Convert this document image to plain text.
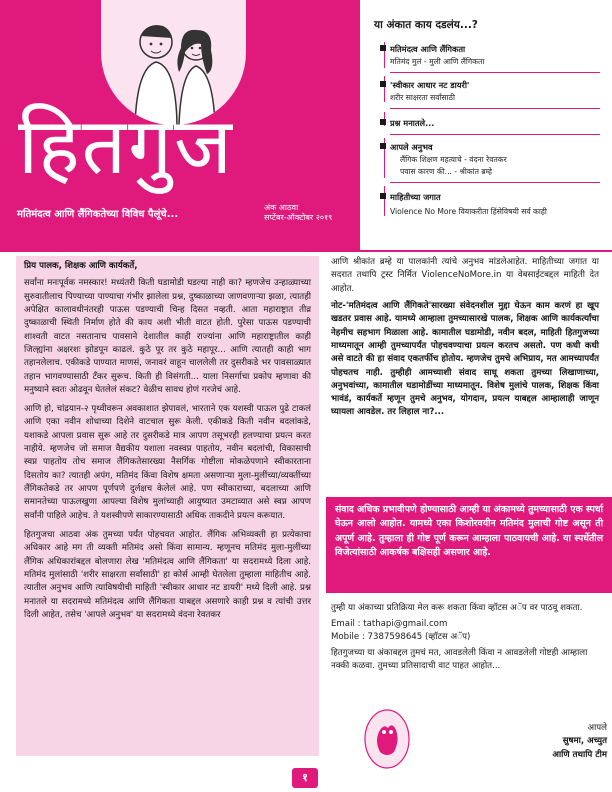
हितगुज
मतिमंदत्व आणि लैंगिकतेच्या विविध पैलूंचे...
अंक आठवा
सप्टेंबर-ऑक्टोबर २०१९
या अंकात काय दडलंय...?
मतिमंदत्व आणि लैंगिकता
मतिमंद मुलं - मुली आणि लैंगिकता
'स्वीकार आधार नट डायरी'
शरीर साक्षरता सर्वांसाठी
प्रश्न मनातले...
आपले अनुभव
लैंगिक शिक्षण महत्वाचे - वंदना रेवतकर
पवास कारण की... - श्रीकांत ब्रम्हे
माहितीच्या जगात
Violence No More वियाकरीता हिंसेविषयी सर्व काही

प्रिय पालक, शिक्षक आणि कार्यकर्ते,

सर्वांना मनःपूर्वक नमस्कार! मध्यंतरी किती घडामोडी घडल्या नाही का? म्हणजेच उन्हाळ्याच्या सुरुवातीलाच पिण्याच्या पाण्याचा गंभीर झालेला प्रश्न, दुष्काळाच्या जाणवणाऱ्या झळा, त्यातही अपेक्षित कालावधीनंतरही पाऊस पडण्याची चिन्ह दिसत नव्हती. आता महाराष्ट्रात तीव्र दुष्काळाची स्थिती निर्माण होते की काय अशी भीती वाटत होती. पुरेसा पाऊस पडण्याची शाश्वती वाटत नसतानाच पावसाने देशातील काही राज्यांना आणि महाराष्ट्रातील काही जिल्ह्यांना अक्षरशः झोडपून काढलं. कुठे पूर तर कुठे महापूर... आणि त्यातही काही भाग तहानलेलाच. एकीकडे पाण्यात माणसं, जनावरं वाहून चाललेली तर दुसरीकडे भर पावसाळ्यात तहान भागवण्यासाठी टँकर सुरूच. किती ही विसंगती... याला निसर्गाचा प्रकोप म्हणावा की मनुष्याने स्वतः ओढवून घेतलेलं संकट? वेळीच सावध होणं गरजेचं आहे.

आणि हो, चांद्रयान-२ पृथ्वीवरून अवकाशात झेपावलं, भारताने एक यशस्वी पाऊल पुढे टाकलं आणि एका नवीन शोधाच्या दिशेने वाटचाल सुरू केली. एकीकडे किती नवीन बदलांकडे, यशाकडे आपला प्रवास सुरू आहे तर दुसरीकडे मात्र आपण तसूभरही हलण्याचा प्रयत्न करत नाहीये. म्हणजेच जो समाज वैद्यकीय यशाला नवस्वप्न पाहतोय, नवीन बदलांची, विकासाची स्वप्न पाहतोय तोच समाज लैंगिकतेसारख्या नैसर्गिक गोष्टीला मोकळेपणाने स्वीकारताना दिसतोय का? त्यातही अपंग, मतिमंद किंवा विशेष क्षमता असणाऱ्या मुला-मुलींच्या/व्यक्तींच्या लैंगिकतेकडे तर आपण पूर्णपणे दुर्लक्षच केलेलं आहे. पण स्वीकाराच्या, बदलाच्या आणि समानतेच्या पाऊलखुणा आपल्या विशेष मुलांच्याही आयुष्यात उमटाव्यात असे स्वप्न आपण सर्वांनी पाहिले आहेच. ते यशस्वीपणे साकारण्यासाठी अधिक ताकदीने प्रयत्न करूयात.

हितगुजचा आठवा अंक तुमच्या पर्यंत पोहचवत आहोत. लैंगिक अभिव्यक्ती हा प्रत्येकाचा अधिकार आहे मग ती व्यक्ती मतिमंद असो किंवा सामान्य. म्हणूनच मतिमंद मुला-मुलींच्या लैंगिक अधिकारांबद्दल बोलणारा लेख 'मतिमंदत्व आणि लैंगिकता' या सदरामध्ये दिला आहे. मतिमंद मुलांसाठी 'शरीर साक्षरता सर्वांसाठी' हा कोर्स आम्ही घेतलेला तुम्हाला माहितीच आहे. त्यातील अनुभव आणि त्याविषयीची माहिती 'स्वीकार आधार नट डायरी' मध्ये दिली आहे. प्रश्न मनातले या सदरामध्ये मतिमंदत्व आणि लैंगिकता याबद्दल असणारे काही प्रश्न व त्यांची उत्तर दिली आहेत, तसेच 'आपले अनुभव' या सदरामध्ये वंदना रेवतकर

आणि श्रीकांत ब्रम्हे या पालकांनी त्यांचे अनुभव मांडलेआहेत. माहितीच्या जगात या सदरात तथापि ट्रस्ट निर्मित ViolenceNoMore.in या वेबसाईटबद्दल माहिती देत आहोत.

नोट-'मतिमंदत्व आणि लैंगिकते'सारख्या संवेदनशील मुद्दा घेऊन काम करणं हा खूप खडतर प्रवास आहे. यामध्ये आम्हाला तुमच्यासारखे पालक, शिक्षक आणि कार्यकर्त्यांचा नेहमीच सहभाग मिळाला आहे. कामातील घडामोडी, नवीन बदल, माहिती हितगुजच्या माध्यमातून आम्ही तुमच्यापर्यंत पोहचवण्याचा प्रयत्न करतच असतो. पण कधी कधी असे वाटते की हा संवाद एकतर्फीच होतोय. म्हणजेच तुमचे अभिप्राय, मत आमच्यापर्यंत पोहचतच नाही. तुम्हीही आमच्याशी संवाद साधू शकता तुमच्या लिखाणाच्या, अनुभवांच्या, कामातील घडामोडींच्या माध्यमातून. विशेष मुलांचे पालक, शिक्षक किंवा भावंडं, कार्यकर्ते म्हणून तुमचे अनुभव, योगदान, प्रयत्न याबद्दल आम्हालाही जाणून घ्यायला आवडेल. तर लिहाल ना?...

संवाद अधिक प्रभावीपणे होण्यासाठी आम्ही या अंकामध्ये तुमच्यासाठी एक स्पर्धा घेऊन आलो आहोत. यामध्ये एका किशोरवयीन मतिमंद मुलाची गोष्ट असून ती अपूर्ण आहे. तुम्हाला ही गोष्ट पूर्ण करून आम्हाला पाठवायची आहे. या स्पर्धेतील विजेत्यांसाठी आकर्षक बक्षिसही असणार आहे.
तुम्ही या अंकाच्या प्रतिक्रिया मेल करू शकता किंवा व्हॉटस अॅप वर पाठवू शकता.
Email : tathapi@gmail.com
Mobile : 7387598645 (व्हॉटस अॅप)
हितगुजच्या या अंकाबद्दल तुमचं मत, आवडलेली किंवा न आवडलेली गोष्टही आम्हाला नक्की कळवा. तुमच्या प्रतिसादाची वाट पाहत आहोत...
आपले
सुषमा, अच्युत
आणि तथापि टीम
१
